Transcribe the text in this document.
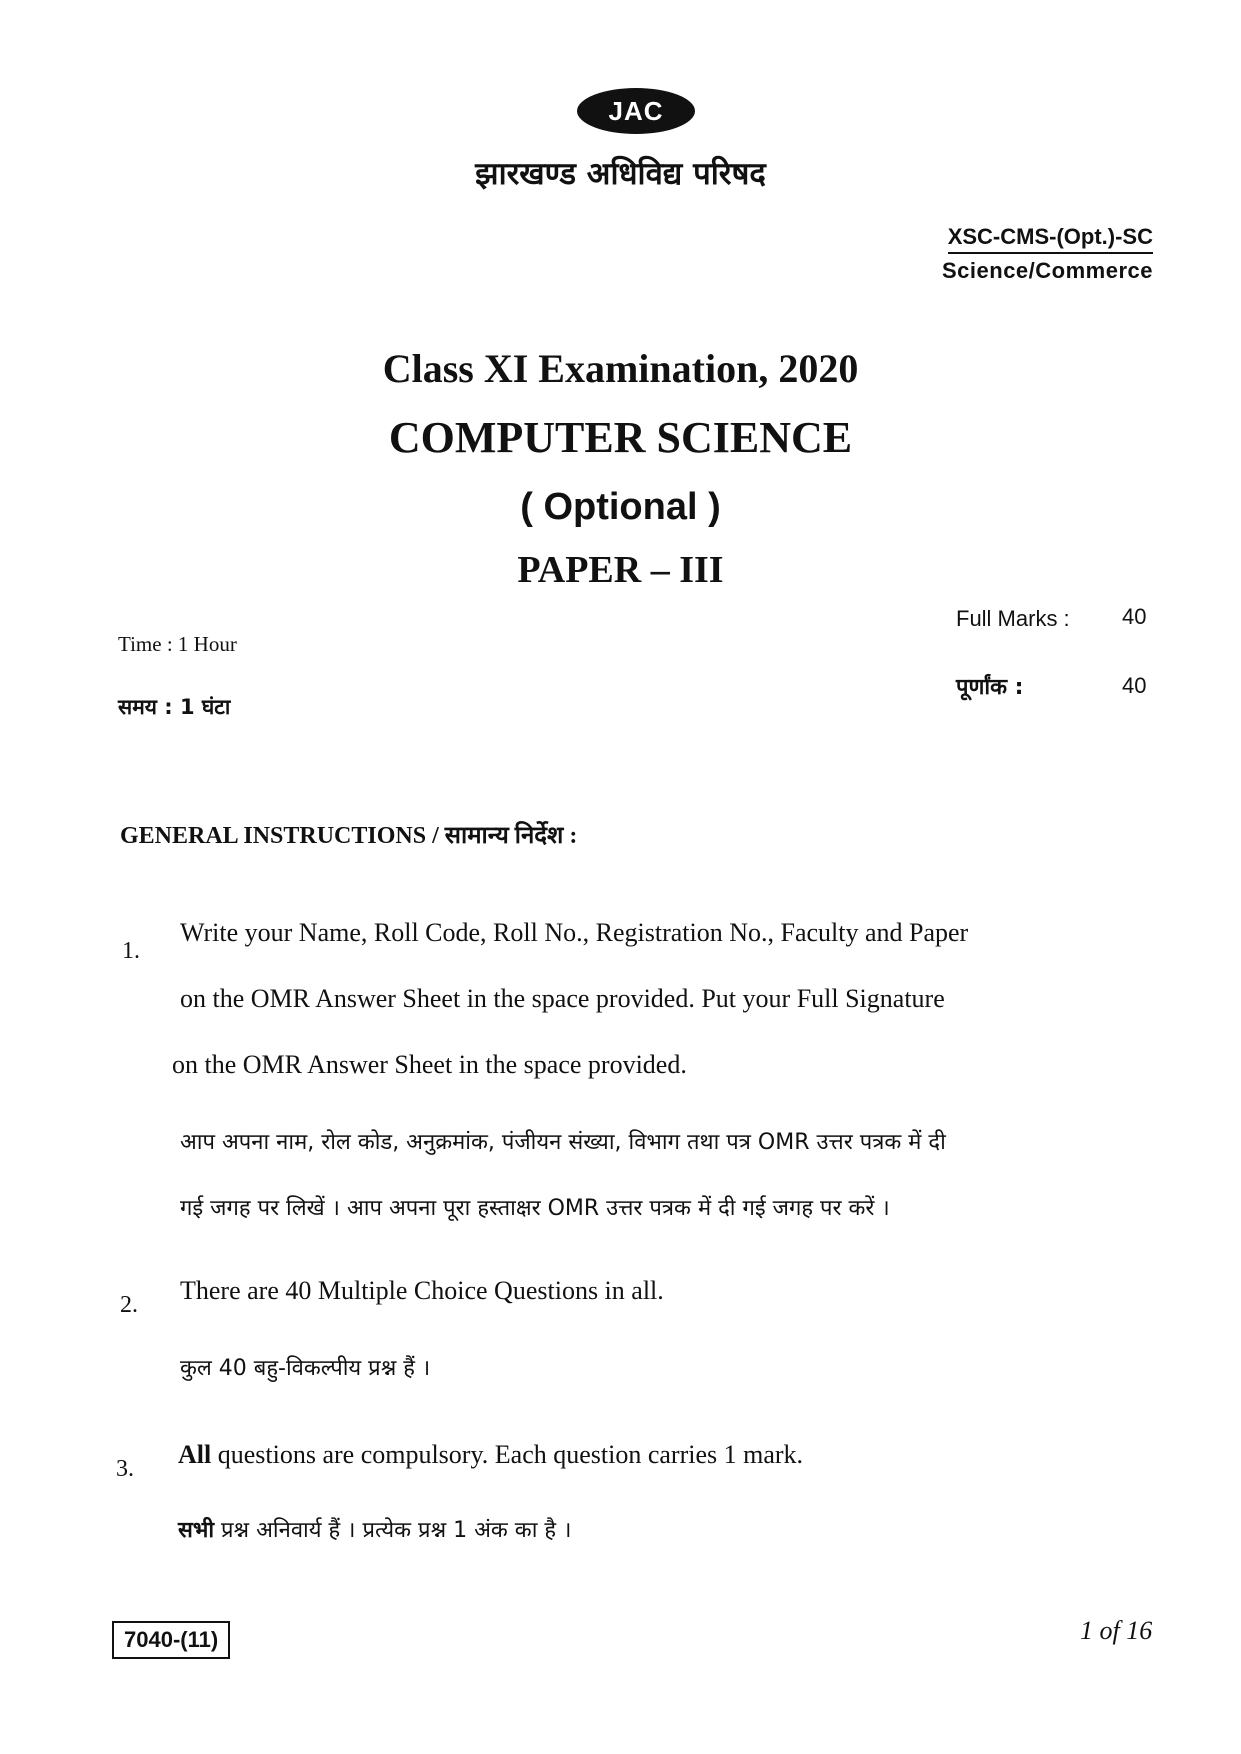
JAC
झारखण्ड अधिविद्य परिषद
XSC-CMS-(Opt.)-SC
Science/Commerce
Class XI Examination, 2020
COMPUTER SCIENCE
( Optional )
PAPER – III
Time : 1 Hour
समय : 1 घंटा
Full Marks : 40
पूर्णांक :	40
GENERAL INSTRUCTIONS / सामान्य निर्देश :
1.
Write your Name, Roll Code, Roll No., Registration No., Faculty and Paper
on the OMR Answer Sheet in the space provided. Put your Full Signature
on the OMR Answer Sheet in the space provided.
आप अपना नाम, रोल कोड, अनुक्रमांक, पंजीयन संख्या, विभाग तथा पत्र OMR उत्तर पत्रक में दी
गई जगह पर लिखें । आप अपना पूरा हस्ताक्षर OMR उत्तर पत्रक में दी गई जगह पर करें ।
2. There are 40 Multiple Choice Questions in all.
कुल 40 बहु-विकल्पीय प्रश्न हैं ।
3. All questions are compulsory. Each question carries 1 mark.
सभी प्रश्न अनिवार्य हैं । प्रत्येक प्रश्न 1 अंक का है ।
7040-(11)	1 of 16
